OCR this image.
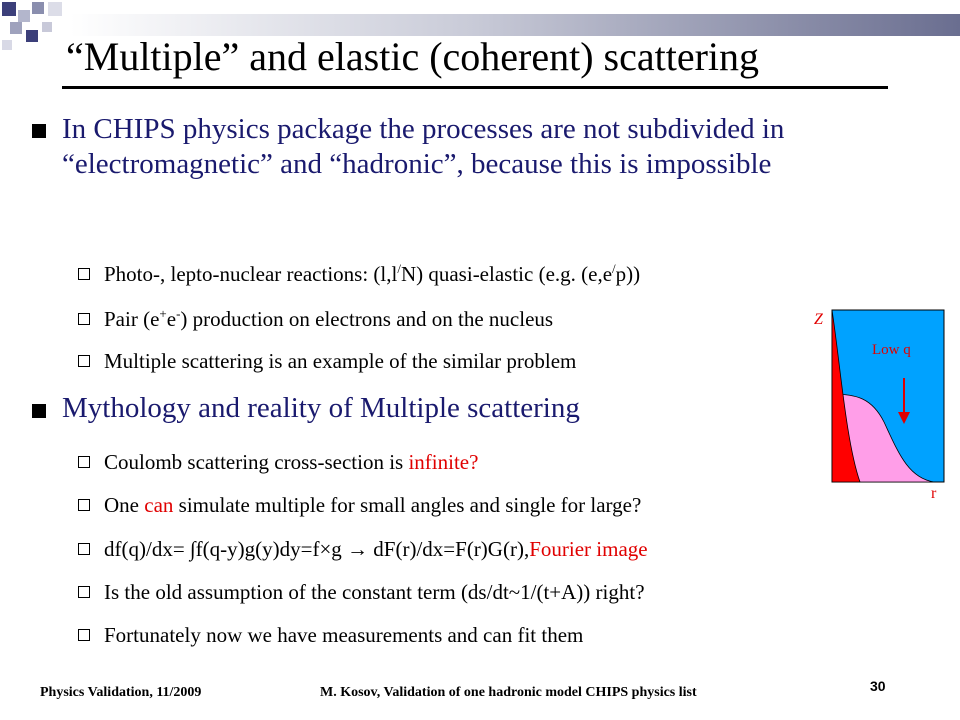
“Multiple” and elastic (coherent) scattering
In CHIPS physics package the processes are not subdivided in “electromagnetic” and “hadronic”, because this is impossible
Photo-, lepto-nuclear reactions: (l,l/N) quasi-elastic (e.g. (e,e/p))
Pair (e+e-) production on electrons and on the nucleus
Multiple scattering is an example of the similar problem
Mythology and reality of Multiple scattering
Coulomb scattering cross-section is infinite?
One can simulate multiple for small angles and single for large?
df(q)/dx= ∫f(q-y)g(y)dy=f×g → dF(r)/dx=F(r)G(r),Fourier image
Is the old assumption of the constant term (ds/dt~1/(t+A)) right?
Fortunately now we have measurements and can fit them
Z
Low q
r
Physics Validation, 11/2009	M. Kosov, Validation of one hadronic model CHIPS physics list	30
